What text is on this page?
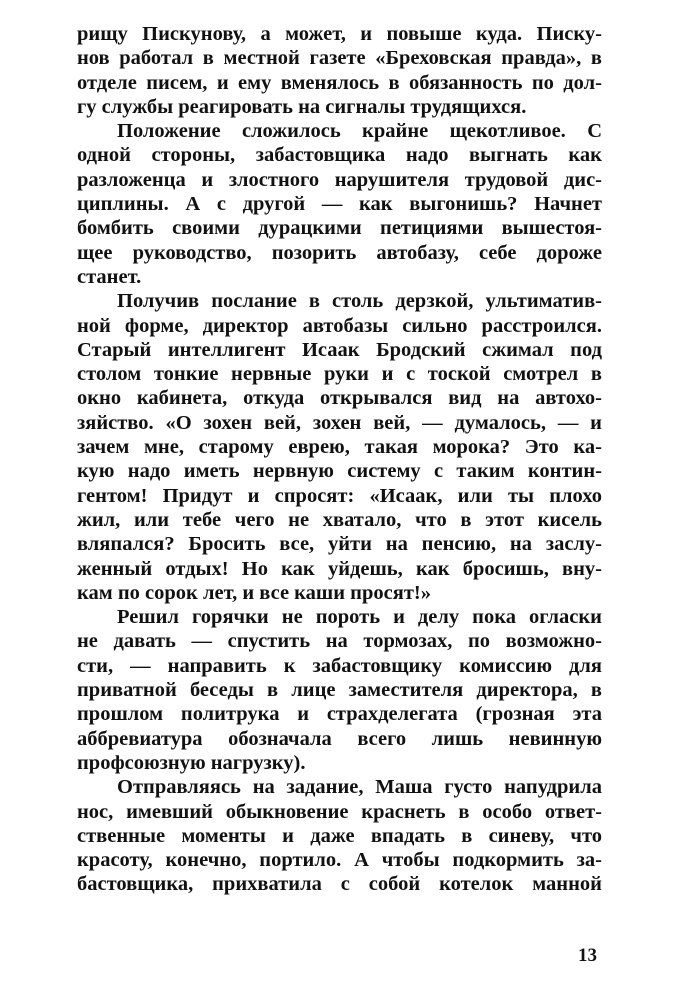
рищу Пискунову, а может, и повыше куда. Писку-
нов работал в местной газете «Бреховская правда», в
отделе писем, и ему вменялось в обязанность по дол-
гу службы реагировать на сигналы трудящихся.
Положение сложилось крайне щекотливое. С
одной стороны, забастовщика надо выгнать как
разложенца и злостного нарушителя трудовой дис-
циплины. А с другой — как выгонишь? Начнет
бомбить своими дурацкими петициями вышестоя-
щее руководство, позорить автобазу, себе дороже
станет.
Получив послание в столь дерзкой, ультиматив-
ной форме, директор автобазы сильно расстроился.
Старый интеллигент Исаак Бродский сжимал под
столом тонкие нервные руки и с тоской смотрел в
окно кабинета, откуда открывался вид на автохо-
зяйство. «О зохен вей, зохен вей, — думалось, — и
зачем мне, старому еврею, такая морока? Это ка-
кую надо иметь нервную систему с таким контин-
гентом! Придут и спросят: «Исаак, или ты плохо
жил, или тебе чего не хватало, что в этот кисель
вляпался? Бросить все, уйти на пенсию, на заслу-
женный отдых! Но как уйдешь, как бросишь, вну-
кам по сорок лет, и все каши просят!»
Решил горячки не пороть и делу пока огласки
не давать — спустить на тормозах, по возможно-
сти, — направить к забастовщику комиссию для
приватной беседы в лице заместителя директора, в
прошлом политрука и страхделегата (грозная эта
аббревиатура обозначала всего лишь невинную
профсоюзную нагрузку).
Отправляясь на задание, Маша густо напудрила
нос, имевший обыкновение краснеть в особо ответ-
ственные моменты и даже впадать в синеву, что
красоту, конечно, портило. А чтобы подкормить за-
бастовщика, прихватила с собой котелок манной
13
